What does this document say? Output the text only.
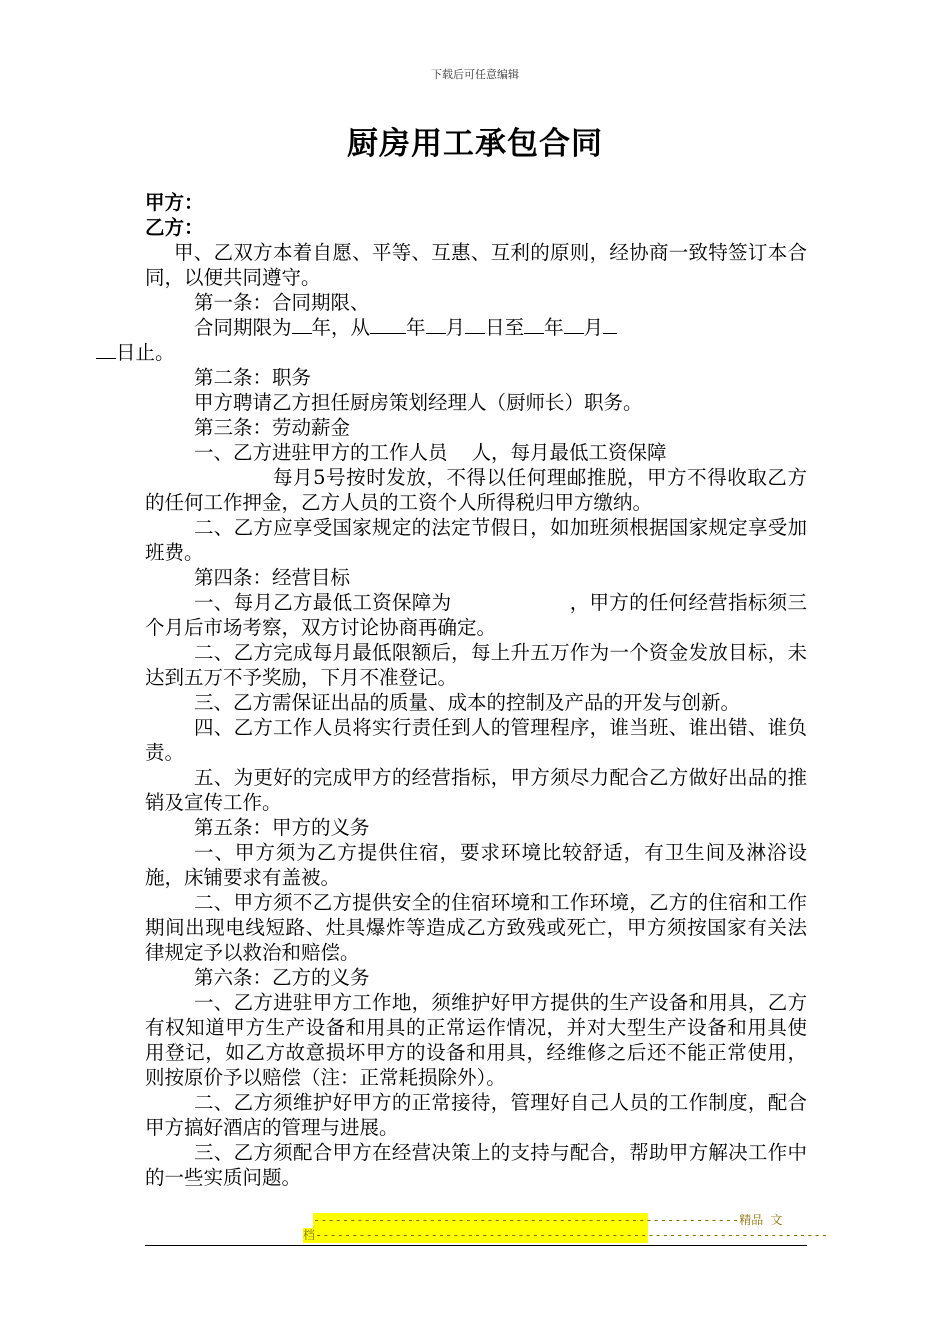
下载后可任意编辑
厨房用工承包合同

甲方：

乙方：

甲、乙双方本着自愿、平等、互惠、互利的原则，经协商一致特签订本合同，以便共同遵守。

第一条：合同期限、

合同期限为 年，从 年 月 日至 年 月
日止。

第二条：职务

甲方聘请乙方担任厨房策划经理人（厨师长）职务。

第三条：劳动薪金

一、乙方进驻甲方的工作人员 人，每月最低工资保障

每月5号按时发放，不得以任何理邮推脱，甲方不得收取乙方的任何工作押金，乙方人员的工资个人所得税归甲方缴纳。

二、乙方应享受国家规定的法定节假日，如加班须根据国家规定享受加班费。

第四条：经营目标

一、每月乙方最低工资保障为	，甲方的任何经营指标须三个月后市场考察，双方讨论协商再确定。

二、乙方完成每月最低限额后，每上升五万作为一个资金发放目标，未达到五万不予奖励，下月不准登记。

三、乙方需保证出品的质量、成本的控制及产品的开发与创新。

四、乙方工作人员将实行责任到人的管理程序，谁当班、谁出错、谁负责。

五、为更好的完成甲方的经营指标，甲方须尽力配合乙方做好出品的推销及宣传工作。

第五条：甲方的义务

一、甲方须为乙方提供住宿，要求环境比较舒适，有卫生间及淋浴设施，床铺要求有盖被。

二、甲方须不乙方提供安全的住宿环境和工作环境，乙方的住宿和工作期间出现电线短路、灶具爆炸等造成乙方致残或死亡，甲方须按国家有关法律规定予以救治和赔偿。

第六条：乙方的义务

一、乙方进驻甲方工作地，须维护好甲方提供的生产设备和用具，乙方有权知道甲方生产设备和用具的正常运作情况，并对大型生产设备和用具使用登记，如乙方故意损坏甲方的设备和用具，经维修之后还不能正常使用，则按原价予以赔偿（注：正常耗损除外）。

二、乙方须维护好甲方的正常接待，管理好自己人员的工作制度，配合甲方搞好酒店的管理与进展。

三、乙方须配合甲方在经营决策上的支持与配合，帮助甲方解决工作中的一些实质问题。

-----------------------------------------------------------精品 文
档-----------------------------------------------------------------------
